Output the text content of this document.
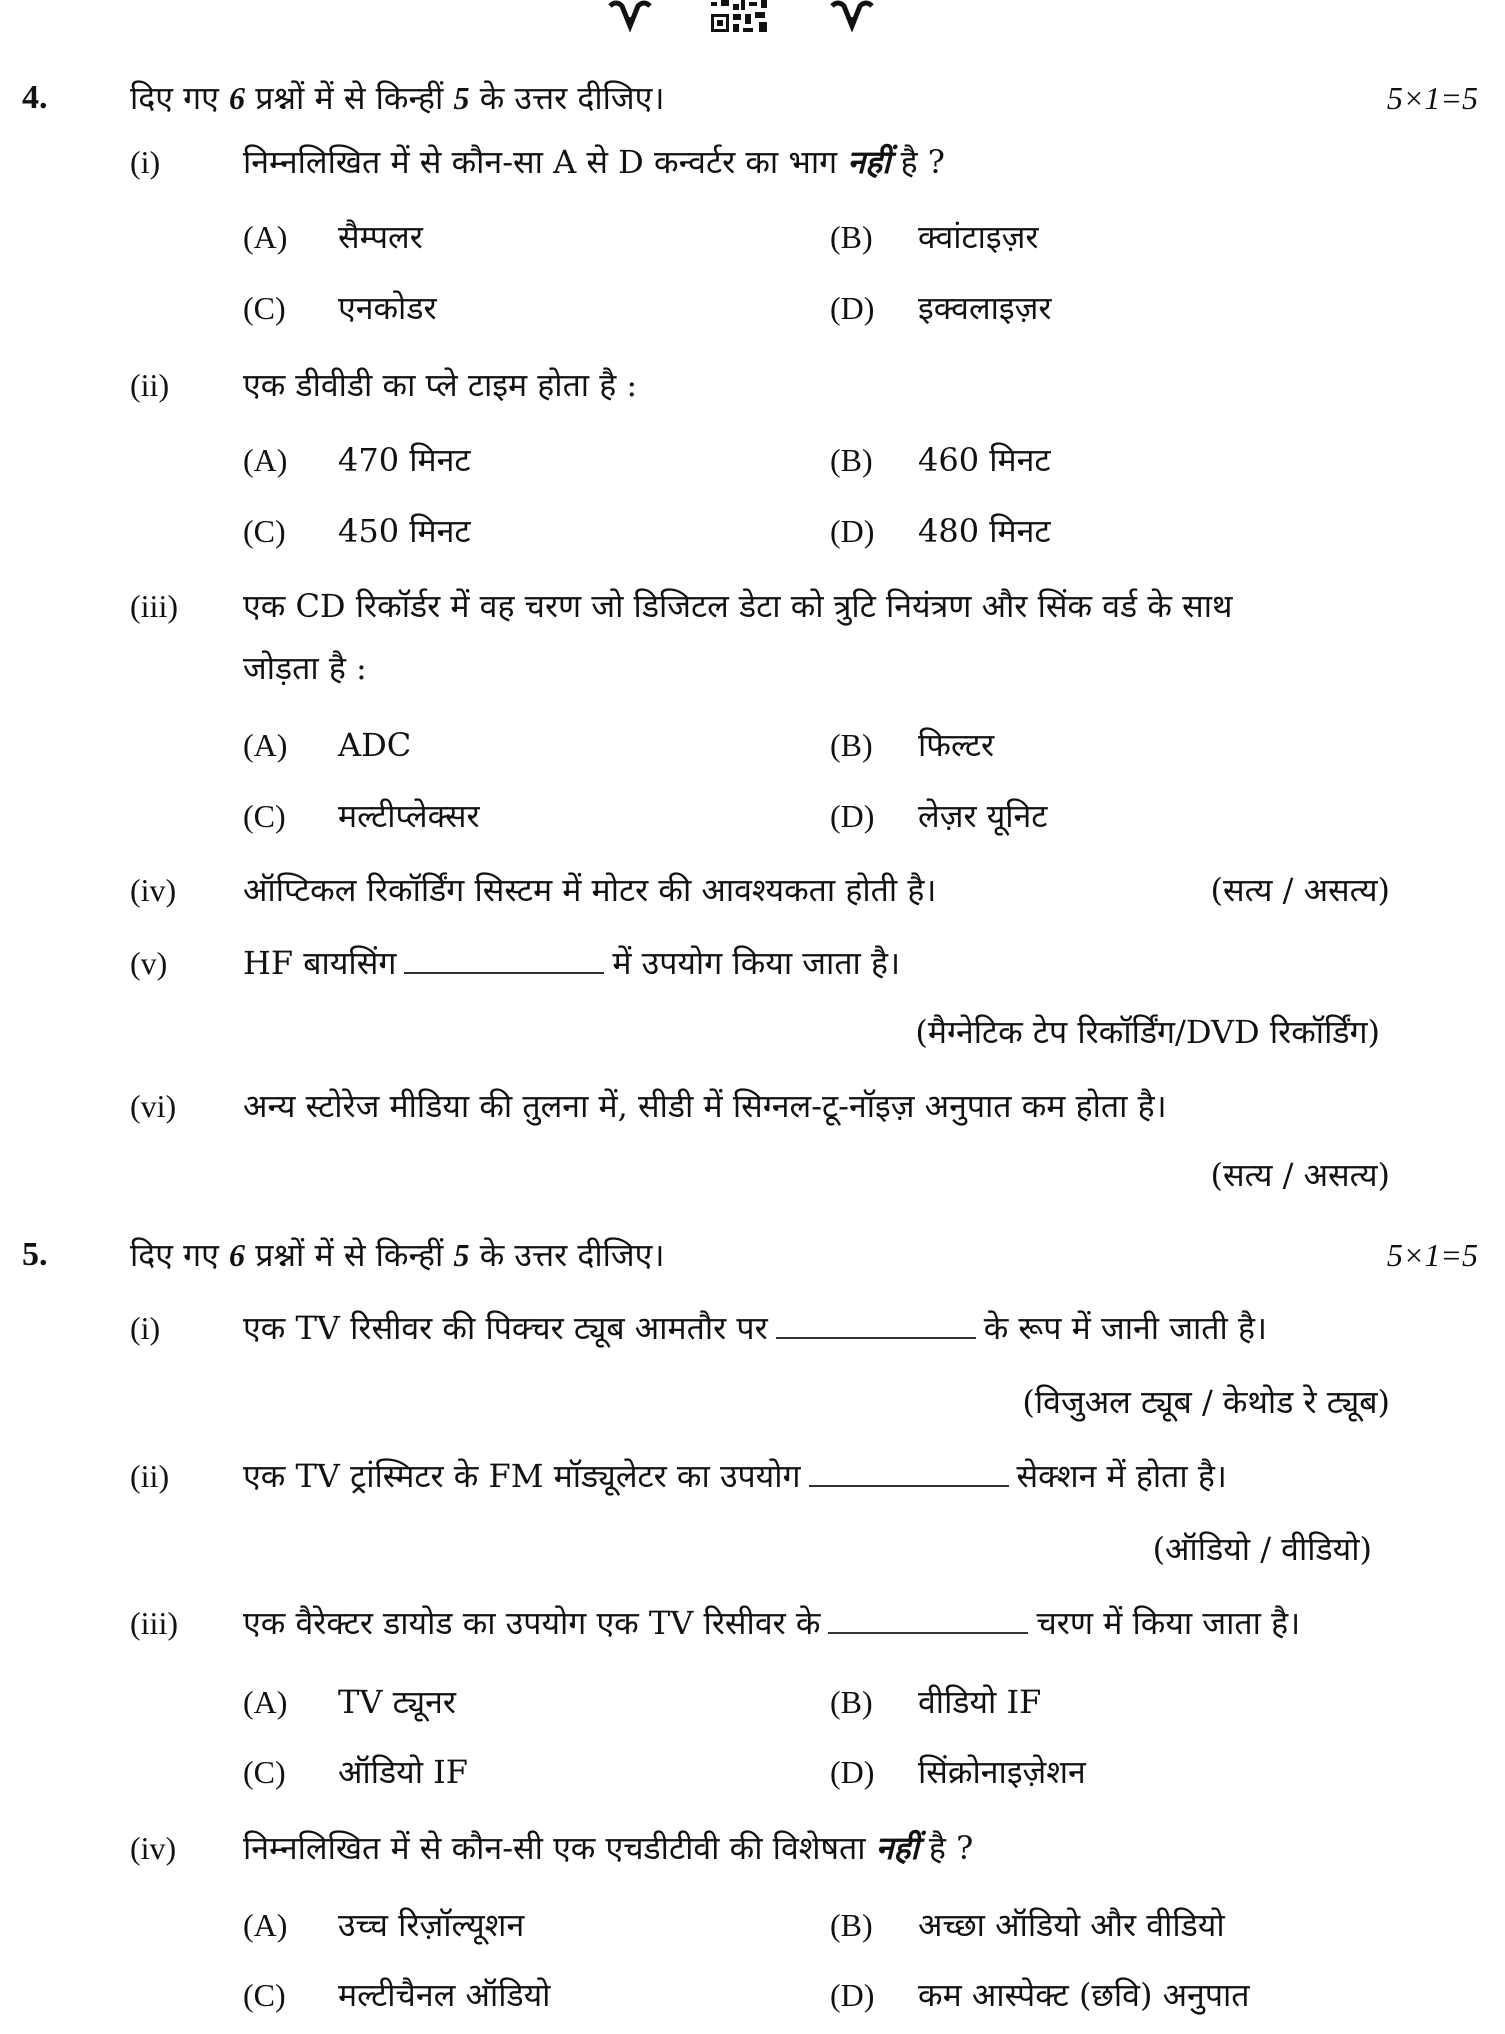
4.	दिए गए 6 प्रश्नों में से किन्हीं 5 के उत्तर दीजिए।	5×1=5
(i)	निम्नलिखित में से कौन-सा A से D कन्वर्टर का भाग नहीं है ?
(A) सैम्पलर	(B) क्वांटाइज़र
(C) एनकोडर	(D) इक्वलाइज़र
(ii) एक डीवीडी का प्ले टाइम होता है :
(A) 470 मिनट	(B) 460 मिनट
(C) 450 मिनट	(D) 480 मिनट
(iii) एक CD रिकॉर्डर में वह चरण जो डिजिटल डेटा को त्रुटि नियंत्रण और सिंक वर्ड के साथ
जोड़ता है :
(A) ADC	(B) फिल्टर
(C) मल्टीप्लेक्सर	(D) लेज़र यूनिट
(iv) ऑप्टिकल रिकॉर्डिंग सिस्टम में मोटर की आवश्यकता होती है।	(सत्य / असत्य)
(v) HF बायसिंग	में उपयोग किया जाता है।
(मैग्नेटिक टेप रिकॉर्डिंग/DVD रिकॉर्डिंग)
(vi) अन्य स्टोरेज मीडिया की तुलना में, सीडी में सिग्नल-टू-नॉइज़ अनुपात कम होता है।
(सत्य / असत्य)
5.	दिए गए 6 प्रश्नों में से किन्हीं 5 के उत्तर दीजिए।	5×1=5
(i)	एक TV रिसीवर की पिक्चर ट्यूब आमतौर पर	के रूप में जानी जाती है।
(विजुअल ट्यूब / केथोड रे ट्यूब)
(ii) एक TV ट्रांस्मिटर के FM मॉड्यूलेटर का उपयोग	सेक्शन में होता है।
(ऑडियो / वीडियो)
(iii) एक वैरेक्टर डायोड का उपयोग एक TV रिसीवर के	चरण में किया जाता है।
(A) TV ट्यूनर	(B) वीडियो IF
(C) ऑडियो IF	(D) सिंक्रोनाइज़ेशन
(iv) निम्नलिखित में से कौन-सी एक एचडीटीवी की विशेषता नहीं है ?
(A) उच्च रिज़ॉल्यूशन	(B) अच्छा ऑडियो और वीडियो
(C) मल्टीचैनल ऑडियो	(D) कम आस्पेक्ट (छवि) अनुपात
